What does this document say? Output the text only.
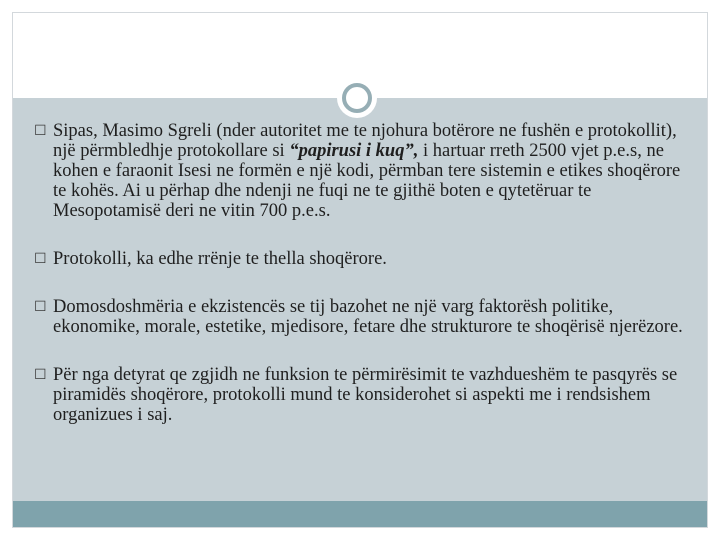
☐ Sipas, Masimo Sgreli (nder autoritet me te njohura botërore ne fushën e protokollit), një përmbledhje protokollare si “papirusi i kuq”, i hartuar rreth 2500 vjet p.e.s, ne kohen e faraonit Isesi ne formën e një kodi, përmban tere sistemin e etikes shoqërore te kohës. Ai u përhap dhe ndenji ne fuqi ne te gjithë boten e qytetëruar te Mesopotamisë deri ne vitin 700 p.e.s.
☐ Protokolli, ka edhe rrënje te thella shoqërore.
☐ Domosdoshmëria e ekzistencës se tij bazohet ne një varg faktorësh politike, ekonomike, morale, estetike, mjedisore, fetare dhe strukturore te shoqërisë njerëzore.
☐ Për nga detyrat qe zgjidh ne funksion te përmirësimit te vazhdueshëm te pasqyrës se piramidës shoqërore, protokolli mund te konsiderohet si aspekti me i rendsishem organizues i saj.
